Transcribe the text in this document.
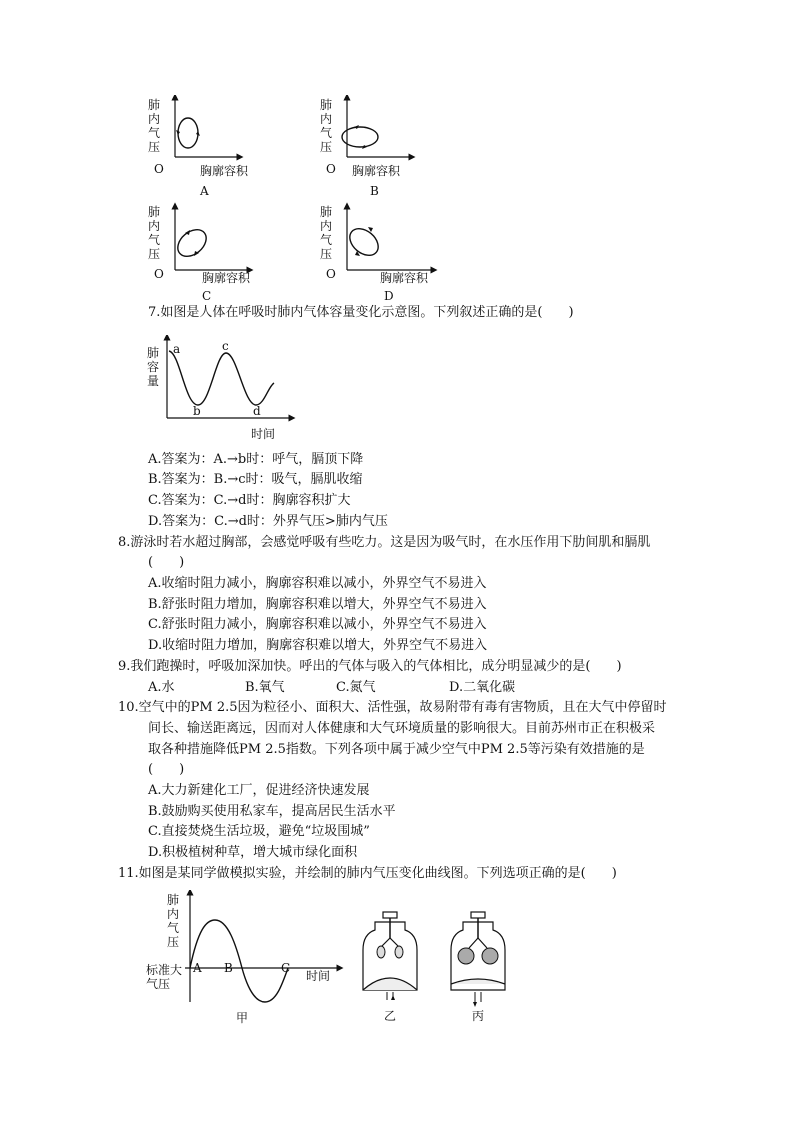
肺
内
气
压
O	胸廓容积
A
肺
内
气
压
O 胸廓容积
B
肺
内
气
压
O	胸廓容积
C
肺
内
气
压
O	胸廓容积
D
7.如图是人体在呼吸时肺内气体容量变化示意图。下列叙述正确的是(　　)
肺
容
量
a
b
c
d
时间
A.答案为：A.→b时：呼气，膈顶下降
B.答案为：B.→c时：吸气，膈肌收缩
C.答案为：C.→d时：胸廓容积扩大
D.答案为：C.→d时：外界气压>肺内气压
8.游泳时若水超过胸部，会感觉呼吸有些吃力。这是因为吸气时，在水压作用下肋间肌和膈肌
(　　)
A.收缩时阻力减小，胸廓容积难以减小，外界空气不易进入
B.舒张时阻力增加，胸廓容积难以增大，外界空气不易进入
C.舒张时阻力减小，胸廓容积难以减小，外界空气不易进入
D.收缩时阻力增加，胸廓容积难以增大，外界空气不易进入
9.我们跑操时，呼吸加深加快。呼出的气体与吸入的气体相比，成分明显减少的是(　　)
A.水	B.氧气	C.氮气	D.二氧化碳
10.空气中的PM 2.5因为粒径小、面积大、活性强，故易附带有毒有害物质，且在大气中停留时
间长、输送距离远，因而对人体健康和大气环境质量的影响很大。目前苏州市正在积极采
取各种措施降低PM 2.5指数。下列各项中属于减少空气中PM 2.5等污染有效措施的是
(　　)
A.大力新建化工厂，促进经济快速发展
B.鼓励购买使用私家车，提高居民生活水平
C.直接焚烧生活垃圾，避免“垃圾围城”
D.积极植树种草，增大城市绿化面积
11.如图是某同学做模拟实验，并绘制的肺内气压变化曲线图。下列选项正确的是(　　)
肺
内
气
压
标准大
气压
A B	C
时间
甲	乙	丙
